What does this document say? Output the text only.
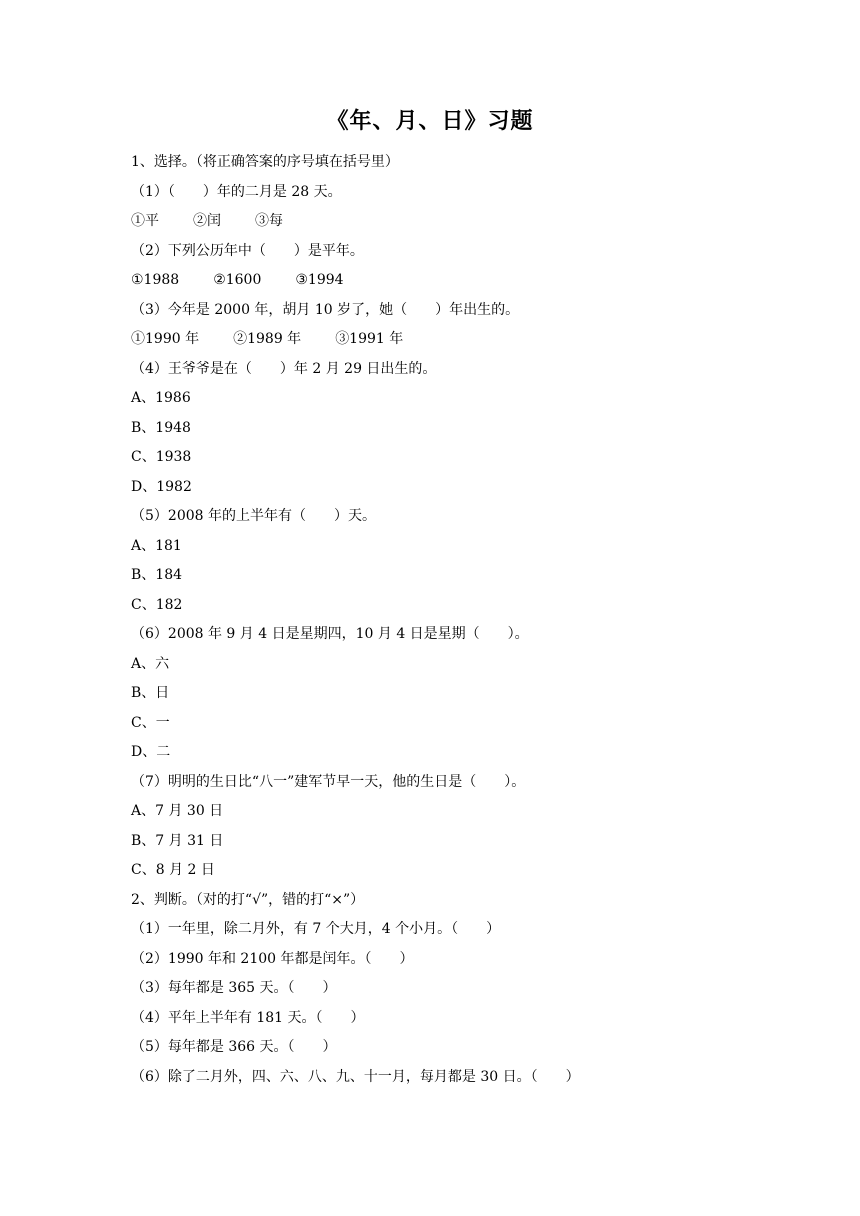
《年、月、日》习题
1、选择。（将正确答案的序号填在括号里）
（1）（　　）年的二月是 28 天。
①平 ②闰 ③每
（2）下列公历年中（　　）是平年。
①1988 ②1600 ③1994
（3）今年是 2000 年，胡月 10 岁了，她（　　）年出生的。
①1990 年 ②1989 年 ③1991 年
（4）王爷爷是在（　　）年 2 月 29 日出生的。
A、1986
B、1948
C、1938
D、1982
（5）2008 年的上半年有（　　）天。
A、181
B、184
C、182
（6）2008 年 9 月 4 日是星期四，10 月 4 日是星期（　　）。
A、六
B、日
C、一
D、二
（7）明明的生日比“八一”建军节早一天，他的生日是（　　）。
A、7 月 30 日
B、7 月 31 日
C、8 月 2 日
2、判断。（对的打“√”，错的打“×”）
（1）一年里，除二月外，有 7 个大月，4 个小月。（　　）
（2）1990 年和 2100 年都是闰年。（　　）
（3）每年都是 365 天。（　　）
（4）平年上半年有 181 天。（　　）
（5）每年都是 366 天。（　　）
（6）除了二月外，四、六、八、九、十一月，每月都是 30 日。（　　）
